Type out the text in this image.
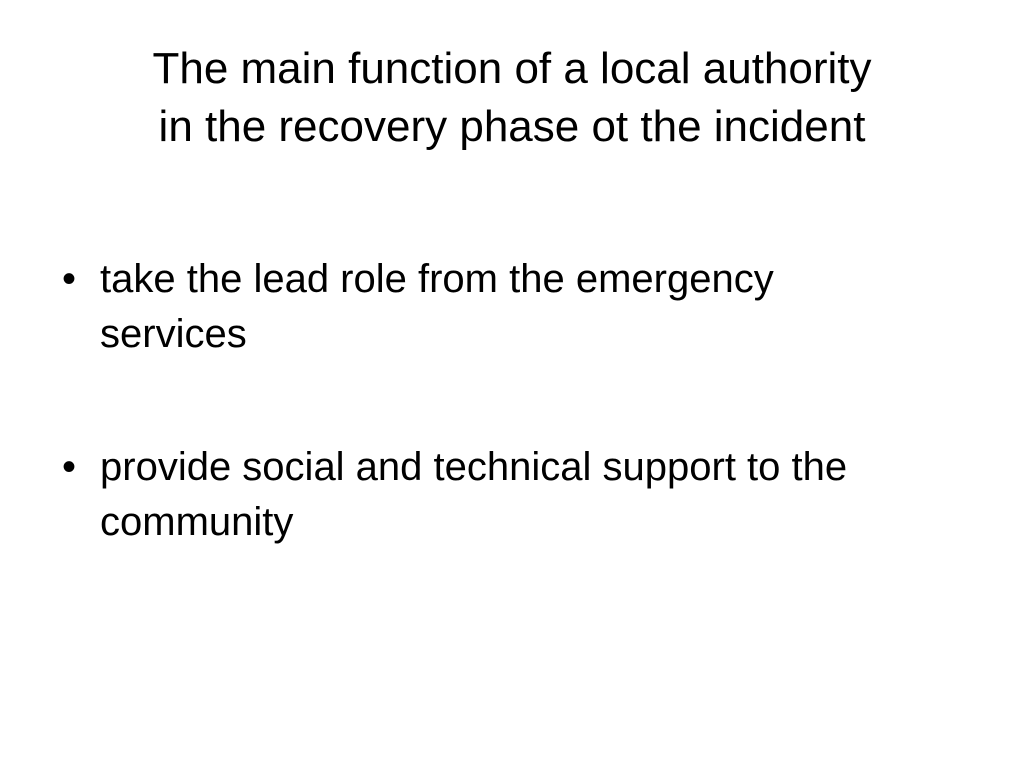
The main function of a local authority
in the recovery phase ot the incident
• take the lead role from the emergency
services
• provide social and technical support to the
community
